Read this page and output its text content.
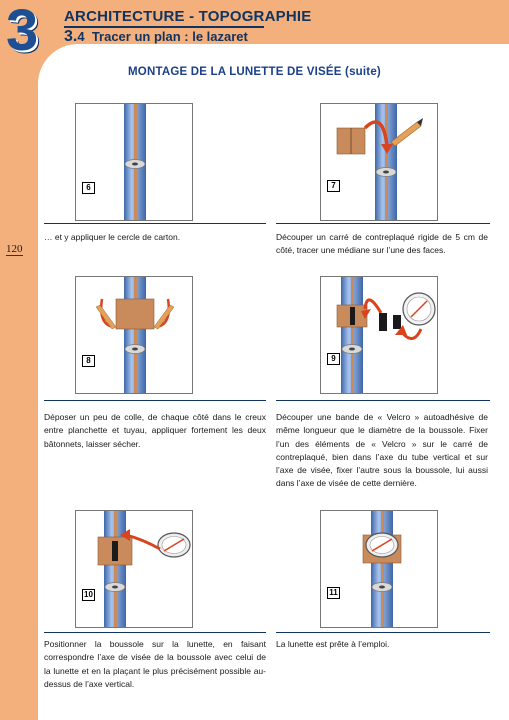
3 ARCHITECTURE - TOPOGRAPHIE
3.4 Tracer un plan : le lazaret
MONTAGE DE LA LUNETTE DE VISÉE (suite)
120
6	7
… et y appliquer le cercle de carton.	Découper un carré de contreplaqué rigide de 5 cm de côté, tracer une médiane sur l’une des faces.
8	9
Déposer un peu de colle, de chaque côté dans le creux entre planchette et tuyau, appliquer fortement les deux bâtonnets, laisser sécher.
Découper une bande de « Velcro » autoadhésive de même longueur que le diamètre de la boussole. Fixer l’un des éléments de « Velcro » sur le carré de contreplaqué, bien dans l’axe du tube vertical et sur l’axe de visée, fixer l’autre sous la boussole, lui aussi dans l’axe de visée de cette dernière.
10	11
Positionner la boussole sur la lunette, en faisant correspondre l’axe de visée de la boussole avec celui de la lunette et en la plaçant le plus précisément possible au-dessus de l’axe vertical.
La lunette est prête à l’emploi.
